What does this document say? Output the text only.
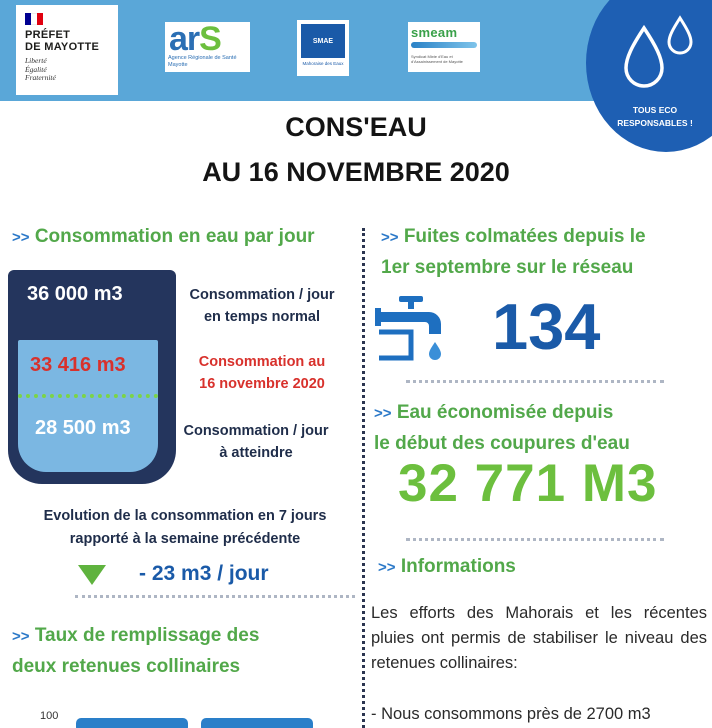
PRÉFET
DE MAYOTTE
Liberté
Égalité
Fraternité
arS
Agence Régionale de Santé
Mayotte
SMAE
Mahoraise des Eaux
smeam
Syndicat Mixte d'Eau et d'Assainissement de Mayotte
TOUS ECO
RESPONSABLES !
CONS'EAU
AU 16 NOVEMBRE 2020
>> Consommation en eau par jour
36 000 m3
33 416 m3
28 500 m3
Consommation / jour
en temps normal
Consommation au
16 novembre 2020
Consommation / jour
à atteindre
Evolution de la consommation en 7 jours
rapporté à la semaine précédente
- 23 m3 / jour
>> Taux de remplissage des
deux retenues collinaires
100
>> Fuites colmatées depuis le
1er septembre sur le réseau
134
>> Eau économisée depuis
le début des coupures d'eau
32 771 M3
>> Informations
Les efforts des Mahorais et les récentes pluies ont permis de stabiliser le niveau des retenues collinaires:
- Nous consommons près de 2700 m3
